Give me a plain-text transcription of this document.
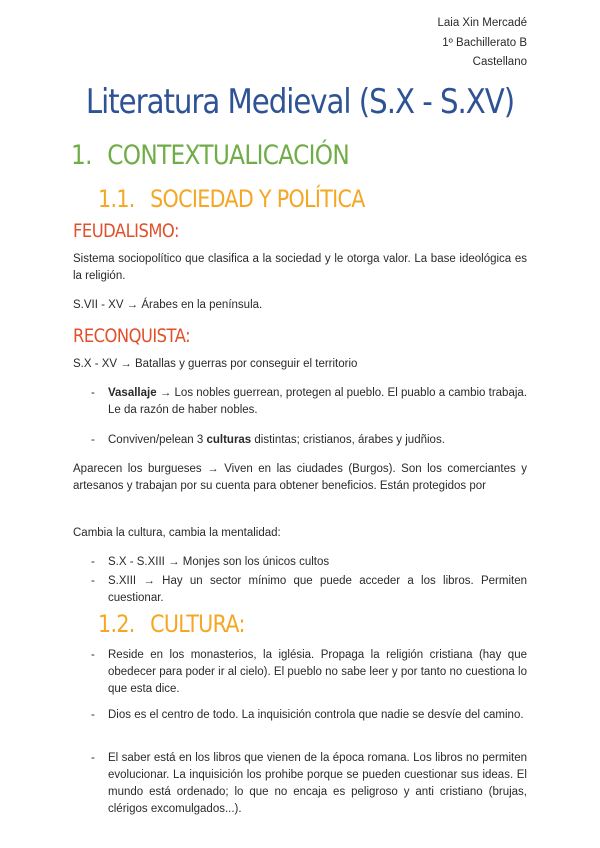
Laia Xin Mercadé
1º Bachillerato B
Castellano
Literatura Medieval (S.X - S.XV)
1. CONTEXTUALICACIÓN
1.1. SOCIEDAD Y POLÍTICA
FEUDALISMO:

Sistema sociopolítico que clasifica a la sociedad y le otorga valor. La base ideológica es la religión.

S.VII - XV → Árabes en la península.

RECONQUISTA:

S.X - XV → Batallas y guerras por conseguir el territorio

- Vasallaje → Los nobles guerrean, protegen al pueblo. El puablo a cambio trabaja. Le da razón de haber nobles.

- Conviven/pelean 3 culturas distintas; cristianos, árabes y judñios.

Aparecen los burgueses → Viven en las ciudades (Burgos). Son los comerciantes y artesanos y trabajan por su cuenta para obtener beneficios. Están protegidos por

Cambia la cultura, cambia la mentalidad:

- S.X - S.XIII → Monjes son los únicos cultos

- S.XIII → Hay un sector mínimo que puede acceder a los libros. Permiten cuestionar.

1.2. CULTURA:
- Reside en los monasterios, la iglésia. Propaga la religión cristiana (hay que obedecer para poder ir al cielo). El pueblo no sabe leer y por tanto no cuestiona lo que esta dice.

- Dios es el centro de todo. La inquisición controla que nadie se desvíe del camino.

- El saber está en los libros que vienen de la época romana. Los libros no permiten evolucionar. La inquisición los prohibe porque se pueden cuestionar sus ideas. El mundo está ordenado; lo que no encaja es peligroso y anti cristiano (brujas, clérigos excomulgados...).
